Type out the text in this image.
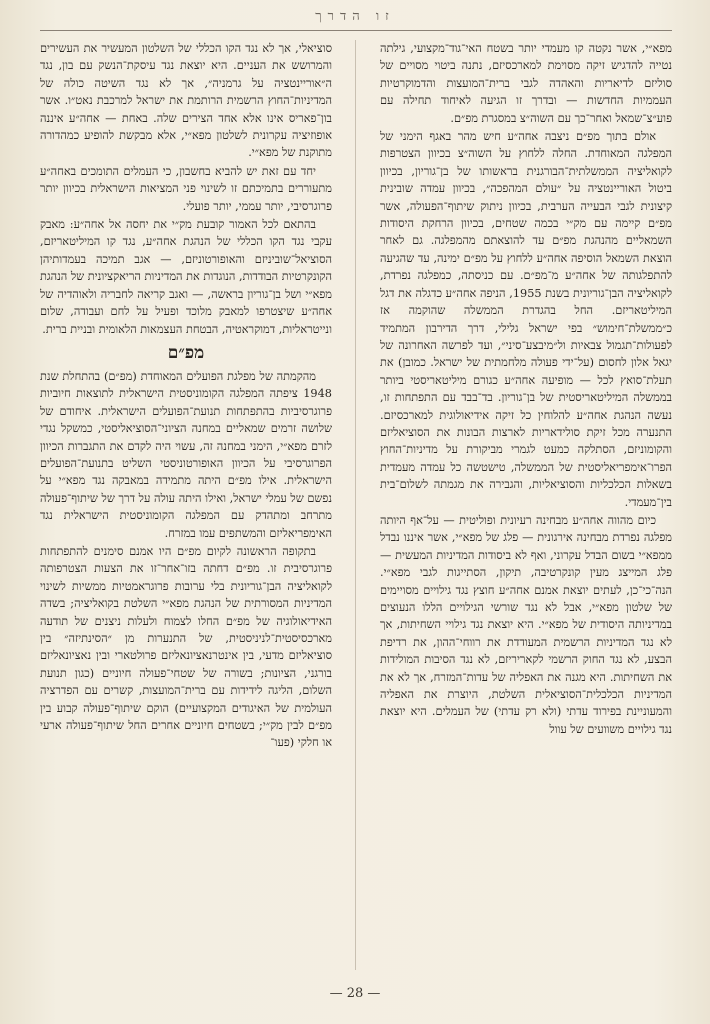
זו הדרך

מפא״י, אשר נקטה קו מעמדי יותר בשטח האי־גוד־מקצועי, גילתה נטייה להדגיש זיקה מסוימת למארכסיזם, נתנה ביטוי מסויים של סוליזם לדיאריות והאהדה לגבי ברית־המועצות והדמוקרטיות העממיות החדשות — ובדרך זו הגיעה לאיחוד תחילה עם פוע״צ־שמאל ואחר־כך עם השוה״צ במסגרת מפ״ם.

אולם בתוך מפ״ם ניצבה אחה״ע חיש מהר באגף הימני של המפלגה המאוחדת. החלה ללחוץ על השוה״צ בכיוון הצטרפות לקואליציה הממשלתית־הבורגנית בראשותו של בן־גוריון, בכיוון ביטול האוריינטציה על ״עולם המהפכה״, בכיוון עמדה שובינית קיצונית לגבי הבעייה הערבית, בכיוון ניתוק שיתוף־הפעולה, אשר מפ״ם קיימה עם מק״י בכמה שטחים, בכיוון הרחקת היסודות השמאליים מהנהגת מפ״ם עד להוצאתם מהמפלגה. גם לאחר הוצאת השמאל הוסיפה אחה״ע ללחוץ על מפ״ם ימינה, עד שהגיעה להתפלגותה של אחה״ע מ־מפ״ם. עם כניסתה, כמפלגה נפרדת, לקואליציה הבן־גוריונית בשנת 1955, הניפה אחה״ע כדגלה את דגל המיליטאריזם. החל בהגדרת הממשלה שהוקמה אז כ״ממשלת־חימוש״ בפי ישראל גלילי, דרך הדירבון המתמיד לפעולות־תגמול צבאיות ול״מיבצע־סיני״, ועד לפרשה האחרונה של יגאל אלון לחסום (על־ידי פעולה מלחמתית של ישראל. כמובן) את תעלת־סואץ לכל — מופיעה אחה״ע כגורם מיליטאריסטי ביותר בממשלה המיליטאריסטית של בן־גוריון. בד־בבד עם התפתחות זו, נעשה הנהגת אחה״ע להלוחין כל זיקה אידיאולוגית למארכסיזם. התנערה מכל זיקת סולידאריות לארצות הבונות את הסוציאליזם והקומוניזם, הסתלקה כמעט לגמרי מביקורת על מדיניות־החוץ הפרו־אימפריאליסטית של הממשלה, טישטשה כל עמדה מעמדית בשאלות הכלכליות והסוציאליות, והגבירה את מגמתה לשלום־בית בין־מעמדי.

כיום מהווה אחה״ע מבחינה רעיונית ופוליטית — על־אף היותה מפלגה נפרדת מבחינה אירגונית — פלג של מפא״י, אשר איננו נבדל ממפא״י בשום הבדל עקרוני, ואף לא ביסודות המדיניות המעשית — פלג המייצג מעין קונקרטיבה, תיקון, הסתייגות לגבי מפא״י. הנה־כי־כן, לעתים יוצאת אמנם אחה״ע חוצץ נגד גילויים מסויימים של שלטון מפא״י, אבל לא נגד שורשי הגילויים הללו הנעוצים במדיניותה היסודית של מפא״י. היא יוצאת נגד גילויי השחיתות, אך לא נגד המדיניות הרשמית המעודדת את רווחי־ההון, את רדיפת הבצע, לא נגד החוק הרשמי לקאריריזם, לא נגד הסיבות המולידות את השחיתות. היא מגנה את האפליה של עדות־המזרח, אך לא את המדיניות הכלכלית־הסוציאלית השלטת, היוצרת את האפליה והמעוניינת בפירוד עדתי (ולא רק עדתי) של העמלים. היא יוצאת נגד גילויים משוועים של עוול

סוציאלי, אך לא נגד הקו הכללי של השלטון המעשיר את העשירים והמרושש את העניים. היא יוצאת נגד עיסקת־הנשק עם בון, נגד ה״אוריינטציה על גרמניה״, אך לא נגד השיטה כולה של המדיניות־החוץ הרשמית הרותמת את ישראל למרכבת נאט״ו. אשר בון־פאריס אינו אלא אחד הצירים שלה. באחת — אחה״ע איננה אופוזיציה עקרונית לשלטון מפא״י, אלא מבקשת להופיע כמהדורה מתוקנת של מפא״י.

יחד עם זאת יש להביא בחשבון, כי העמלים התומכים באחה״ע מתעוררים בתמיכתם זו לשינוי פני המציאות הישראלית בכיוון יותר פרוגרסיבי, יותר עממי, יותר פועלי.

בהתאם לכל האמור קובעת מק״י את יחסה אל אחה״ע: מאבק עקבי נגד הקו הכללי של הנהגת אחה״ע, נגד קו המיליטאריזם, הסוציאל־שוביניזם והאופורטוניזם, — אגב תמיכה בעמדותיהן הקונקרטיות הבודדות, הנוגדות את המדיניות הריאקציונית של הנהגת מפא״י ושל בן־גוריון בראשה, — ואגב קריאה לחבריה ולאוהדיה של אחה״ע שיצטרפו למאבק מלוכד ופעיל על לחם ועבודה, שלום ונייטראליות, דמוקראטיה, הבטחת העצמאות הלאומית ובניית ברית.

מפ״ם

מהקמתה של מפלגת הפועלים המאוחדת (מפ״ם) בהתחלת שנת 1948 ציפתה המפלגה הקומוניסטית הישראלית לתוצאות חיוביות פרוגרסיביות בהתפתחות תנועת־הפועלים הישראלית. איחודם של שלושה זרמים שמאליים במחנה הציוני־הסוציאליסטי, כמשקל נגדי לזרם מפא״י, הימני במחנה זה, עשוי היה לקדם את התגברות הכיוון הפרוגרסיבי על הכיוון האופורטוניסטי השליט בתנועת־הפועלים הישראלית. אילו מפ״ם היתה מתמידה במאבקה נגד מפא״י על נפשם של עמלי ישראל, ואילו היתה עולה על דרך של שיתוף־פעולה מתרחב ומתהדק עם המפלגה הקומוניסטית הישראלית נגד האימפריאליזם והמשתפים עמו במזרח.

בתקופה הראשונה לקיום מפ״ם היו אמנם סימנים להתפתחות פרוגרסיבית זו. מפ״ם דחתה בזו־אחר־זו את הצעות הצטרפותה לקואליציה הבן־גוריונית בלי ערובות פרוגראמטיות ממשיות לשינוי המדיניות המסורתית של הנהגת מפא״י השלטת בקואליציה; בשדה האידיאולוגיה של מפ״ם החלו לצמוח ולעלות ניצנים של תודעה מארכסיסטית־לניניסטית, של התנערות מן ״הסינתיזה״ בין סוציאליזם מדעי, בין אינטרנאציונאליזם פרולטארי ובין נאציונאליזם בורגני, הציונות; בשורה של שטחי־פעולה חיוניים (כגון תנועת השלום, הליגה לידידות עם ברית־המועצות, קשרים עם הפדרציה העולמית של האיגודים המקצועיים) הוקם שיתוף־פעולה קבוע בין מפ״ם לבין מק״י; בשטחים חיוניים אחרים החל שיתוף־פעולה ארעי או חלקי (פעו־

— 28 —
